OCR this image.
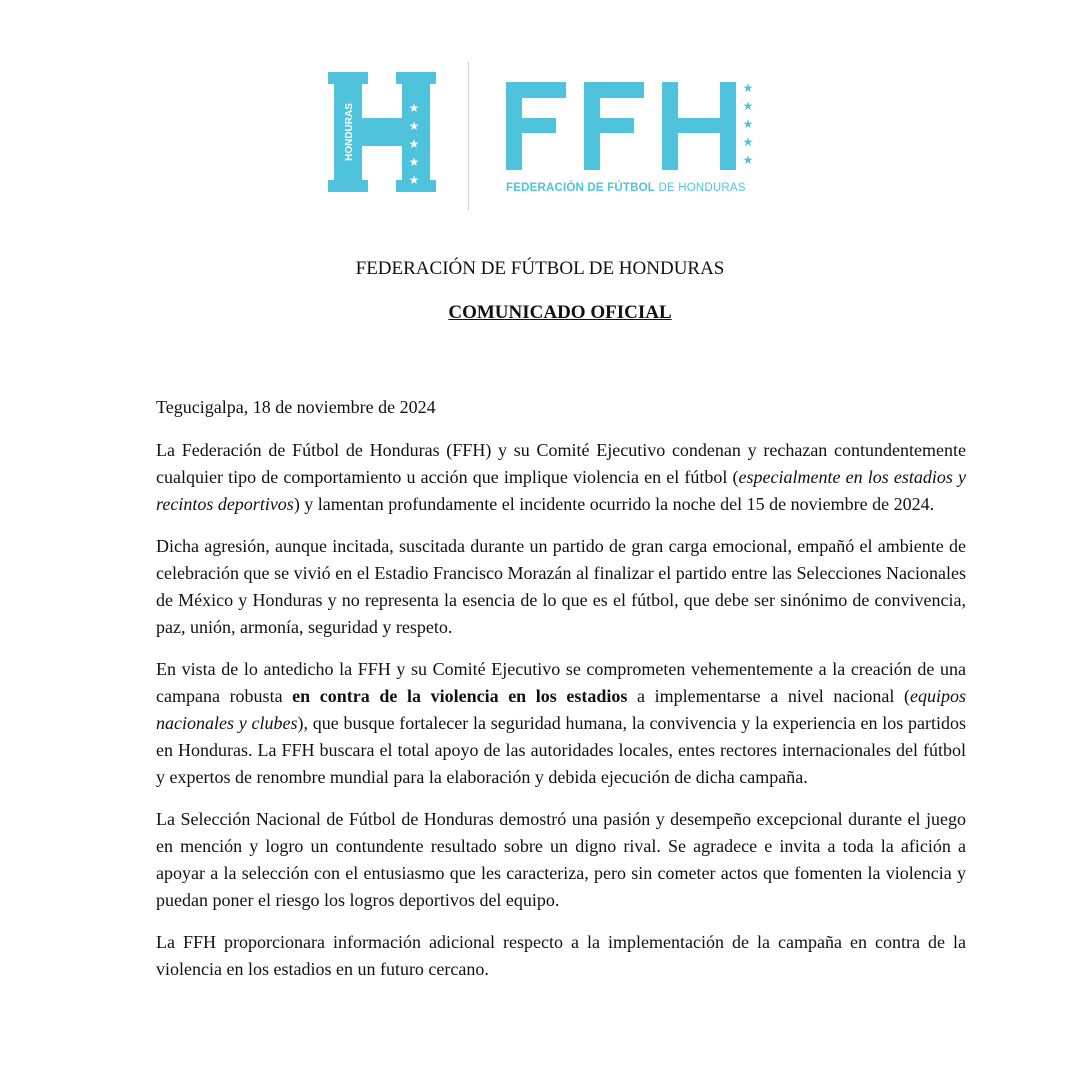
HONDURAS	★
★
★
★
★
★
★
★
★
★
FFH
FEDERACIÓN DE FÚTBOL DE HONDURAS
FEDERACIÓN DE FÚTBOL DE HONDURAS
COMUNICADO OFICIAL

Tegucigalpa, 18 de noviembre de 2024

La Federación de Fútbol de Honduras (FFH) y su Comité Ejecutivo condenan y rechazan contundentemente cualquier tipo de comportamiento u acción que implique violencia en el fútbol (especialmente en los estadios y recintos deportivos) y lamentan profundamente el incidente ocurrido la noche del 15 de noviembre de 2024.

Dicha agresión, aunque incitada, suscitada durante un partido de gran carga emocional, empañó el ambiente de celebración que se vivió en el Estadio Francisco Morazán al finalizar el partido entre las Selecciones Nacionales de México y Honduras y no representa la esencia de lo que es el fútbol, que debe ser sinónimo de convivencia, paz, unión, armonía, seguridad y respeto.

En vista de lo antedicho la FFH y su Comité Ejecutivo se comprometen vehementemente a la creación de una campana robusta en contra de la violencia en los estadios a implementarse a nivel nacional (equipos nacionales y clubes), que busque fortalecer la seguridad humana, la convivencia y la experiencia en los partidos en Honduras. La FFH buscara el total apoyo de las autoridades locales, entes rectores internacionales del fútbol y expertos de renombre mundial para la elaboración y debida ejecución de dicha campaña.

La Selección Nacional de Fútbol de Honduras demostró una pasión y desempeño excepcional durante el juego en mención y logro un contundente resultado sobre un digno rival. Se agradece e invita a toda la afición a apoyar a la selección con el entusiasmo que les caracteriza, pero sin cometer actos que fomenten la violencia y puedan poner el riesgo los logros deportivos del equipo.

La FFH proporcionara información adicional respecto a la implementación de la campaña en contra de la violencia en los estadios en un futuro cercano.
